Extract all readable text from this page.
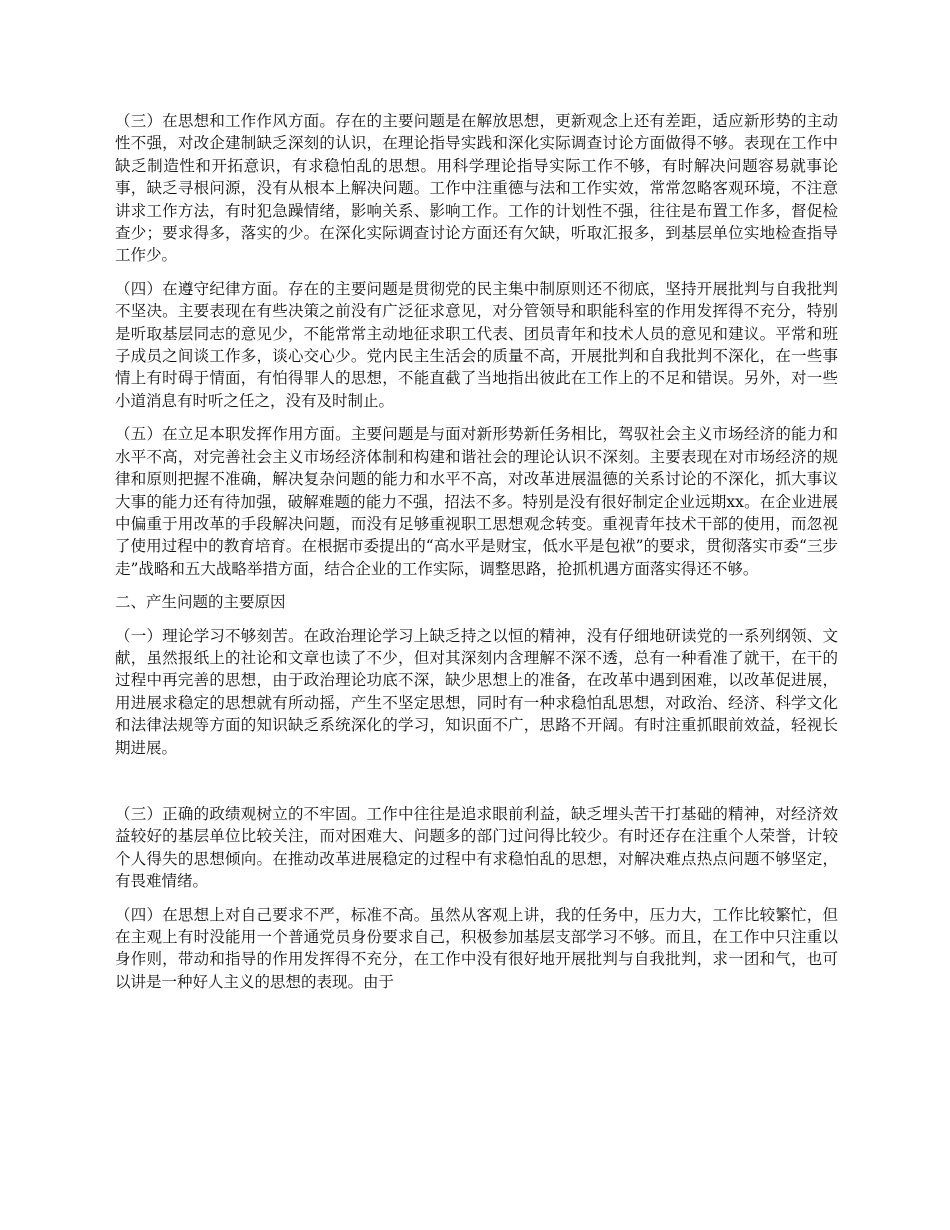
（三）在思想和工作作风方面。存在的主要问题是在解放思想，更新观念上还有差距，适应新形势的主动性不强，对改企建制缺乏深刻的认识，在理论指导实践和深化实际调查讨论方面做得不够。表现在工作中缺乏制造性和开拓意识，有求稳怕乱的思想。用科学理论指导实际工作不够，有时解决问题容易就事论事，缺乏寻根问源，没有从根本上解决问题。工作中注重德与法和工作实效，常常忽略客观环境，不注意讲求工作方法，有时犯急躁情绪，影响关系、影响工作。工作的计划性不强，往往是布置工作多，督促检查少；要求得多，落实的少。在深化实际调查讨论方面还有欠缺，听取汇报多，到基层单位实地检查指导工作少。

（四）在遵守纪律方面。存在的主要问题是贯彻党的民主集中制原则还不彻底，坚持开展批判与自我批判不坚决。主要表现在有些决策之前没有广泛征求意见，对分管领导和职能科室的作用发挥得不充分，特别是听取基层同志的意见少，不能常常主动地征求职工代表、团员青年和技术人员的意见和建议。平常和班子成员之间谈工作多，谈心交心少。党内民主生活会的质量不高，开展批判和自我批判不深化，在一些事情上有时碍于情面，有怕得罪人的思想，不能直截了当地指出彼此在工作上的不足和错误。另外，对一些小道消息有时听之任之，没有及时制止。

（五）在立足本职发挥作用方面。主要问题是与面对新形势新任务相比，驾驭社会主义市场经济的能力和水平不高，对完善社会主义市场经济体制和构建和谐社会的理论认识不深刻。主要表现在对市场经济的规律和原则把握不准确，解决复杂问题的能力和水平不高，对改革进展温德的关系讨论的不深化，抓大事议大事的能力还有待加强，破解难题的能力不强，招法不多。特别是没有很好制定企业远期xx。在企业进展中偏重于用改革的手段解决问题，而没有足够重视职工思想观念转变。重视青年技术干部的使用，而忽视了使用过程中的教育培育。在根据市委提出的“高水平是财宝，低水平是包袱”的要求，贯彻落实市委“三步走”战略和五大战略举措方面，结合企业的工作实际，调整思路，抢抓机遇方面落实得还不够。

二、产生问题的主要原因

（一）理论学习不够刻苦。在政治理论学习上缺乏持之以恒的精神，没有仔细地研读党的一系列纲领、文献，虽然报纸上的社论和文章也读了不少，但对其深刻内含理解不深不透，总有一种看准了就干，在干的过程中再完善的思想，由于政治理论功底不深，缺少思想上的准备，在改革中遇到困难，以改革促进展，用进展求稳定的思想就有所动摇，产生不坚定思想，同时有一种求稳怕乱思想，对政治、经济、科学文化和法律法规等方面的知识缺乏系统深化的学习，知识面不广，思路不开阔。有时注重抓眼前效益，轻视长期进展。

（三）正确的政绩观树立的不牢固。工作中往往是追求眼前利益，缺乏埋头苦干打基础的精神，对经济效益较好的基层单位比较关注，而对困难大、问题多的部门过问得比较少。有时还存在注重个人荣誉，计较个人得失的思想倾向。在推动改革进展稳定的过程中有求稳怕乱的思想，对解决难点热点问题不够坚定，有畏难情绪。

（四）在思想上对自己要求不严，标准不高。虽然从客观上讲，我的任务中，压力大，工作比较繁忙，但在主观上有时没能用一个普通党员身份要求自己，积极参加基层支部学习不够。而且，在工作中只注重以身作则，带动和指导的作用发挥得不充分，在工作中没有很好地开展批判与自我批判，求一团和气，也可以讲是一种好人主义的思想的表现。由于
